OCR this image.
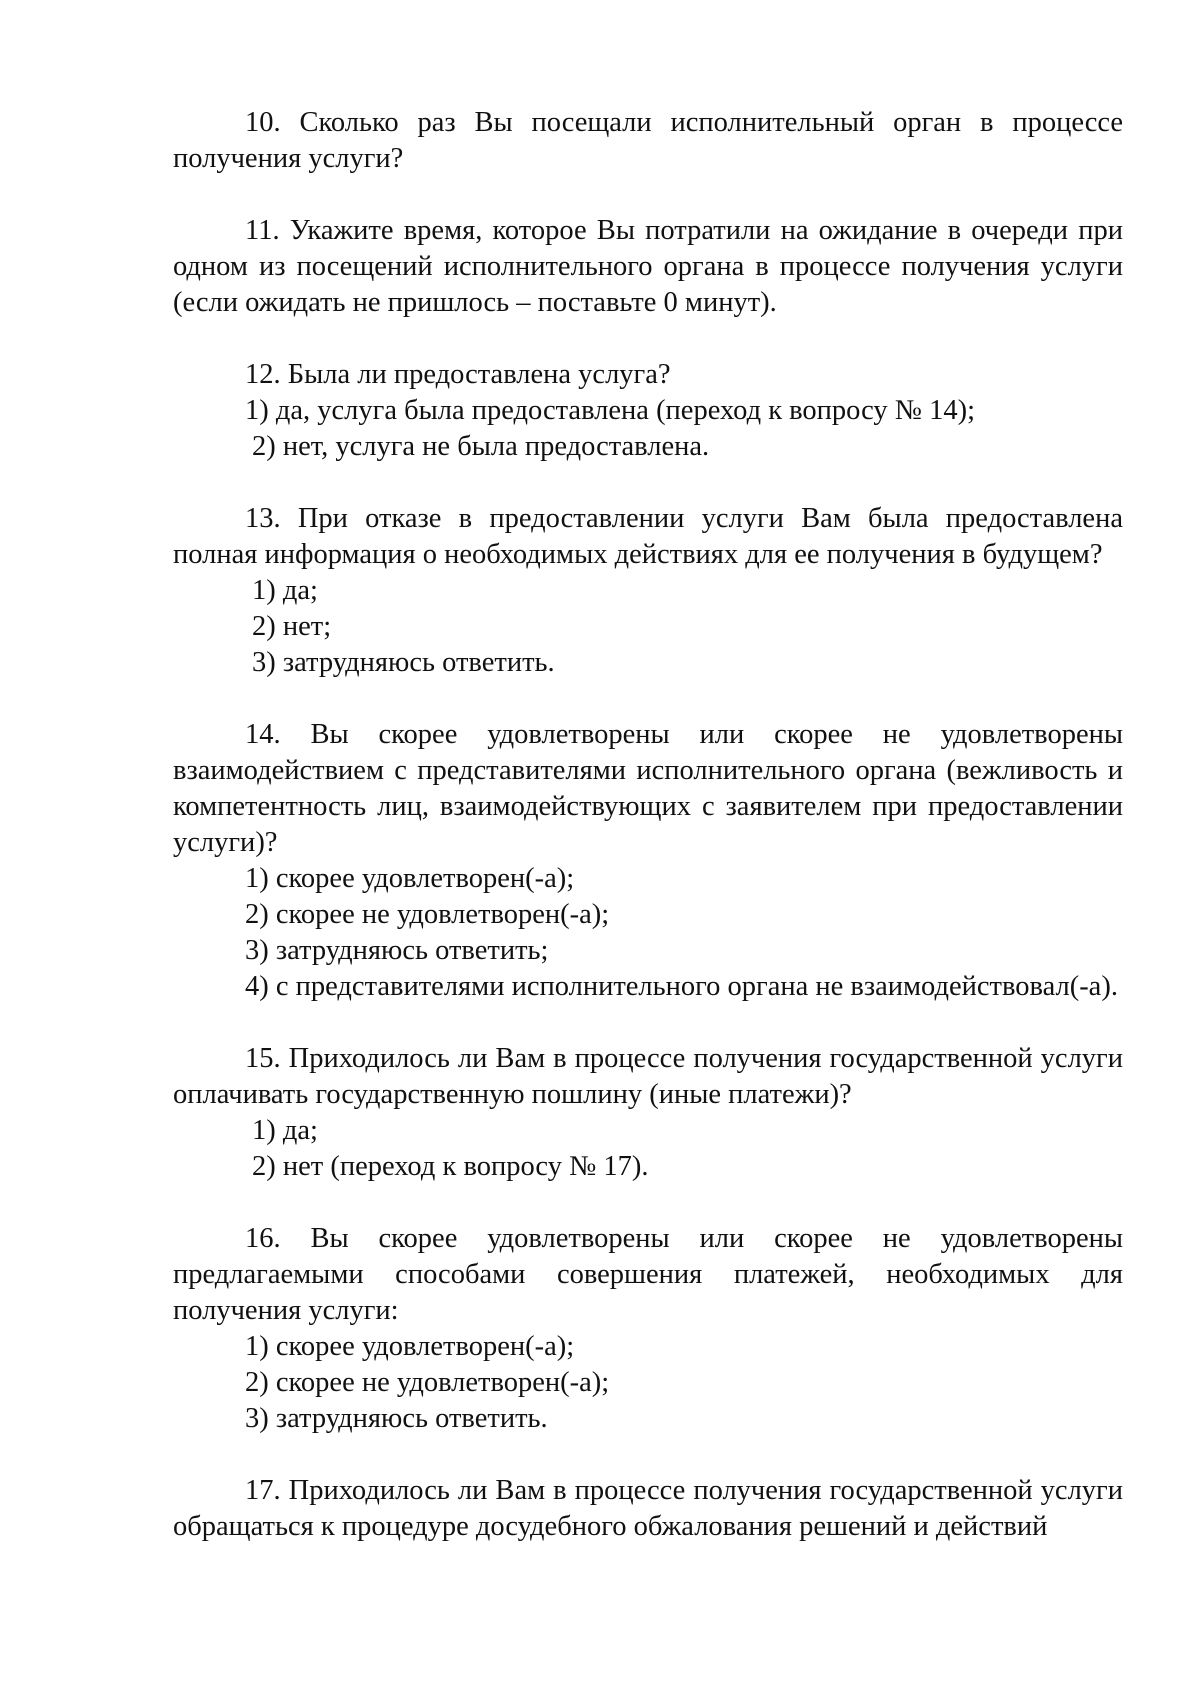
10. Сколько раз Вы посещали исполнительный орган в процессе получения услуги?

11. Укажите время, которое Вы потратили на ожидание в очереди при одном из посещений исполнительного органа в процессе получения услуги (если ожидать не пришлось – поставьте 0 минут).

12. Была ли предоставлена услуга?

1) да, услуга была предоставлена (переход к вопросу № 14);

2) нет, услуга не была предоставлена.

13. При отказе в предоставлении услуги Вам была предоставлена полная информация о необходимых действиях для ее получения в будущем?

1) да;

2) нет;

3) затрудняюсь ответить.

14. Вы скорее удовлетворены или скорее не удовлетворены взаимодействием с представителями исполнительного органа (вежливость и компетентность лиц, взаимодействующих с заявителем при предоставлении услуги)?

1) скорее удовлетворен(-а);

2) скорее не удовлетворен(-а);

3) затрудняюсь ответить;

4) с представителями исполнительного органа не взаимодействовал(-а).

15. Приходилось ли Вам в процессе получения государственной услуги оплачивать государственную пошлину (иные платежи)?

1) да;

2) нет (переход к вопросу № 17).

16. Вы скорее удовлетворены или скорее не удовлетворены предлагаемыми способами совершения платежей, необходимых для получения услуги:

1) скорее удовлетворен(-а);

2) скорее не удовлетворен(-а);

3) затрудняюсь ответить.

17. Приходилось ли Вам в процессе получения государственной услуги обращаться к процедуре досудебного обжалования решений и действий
